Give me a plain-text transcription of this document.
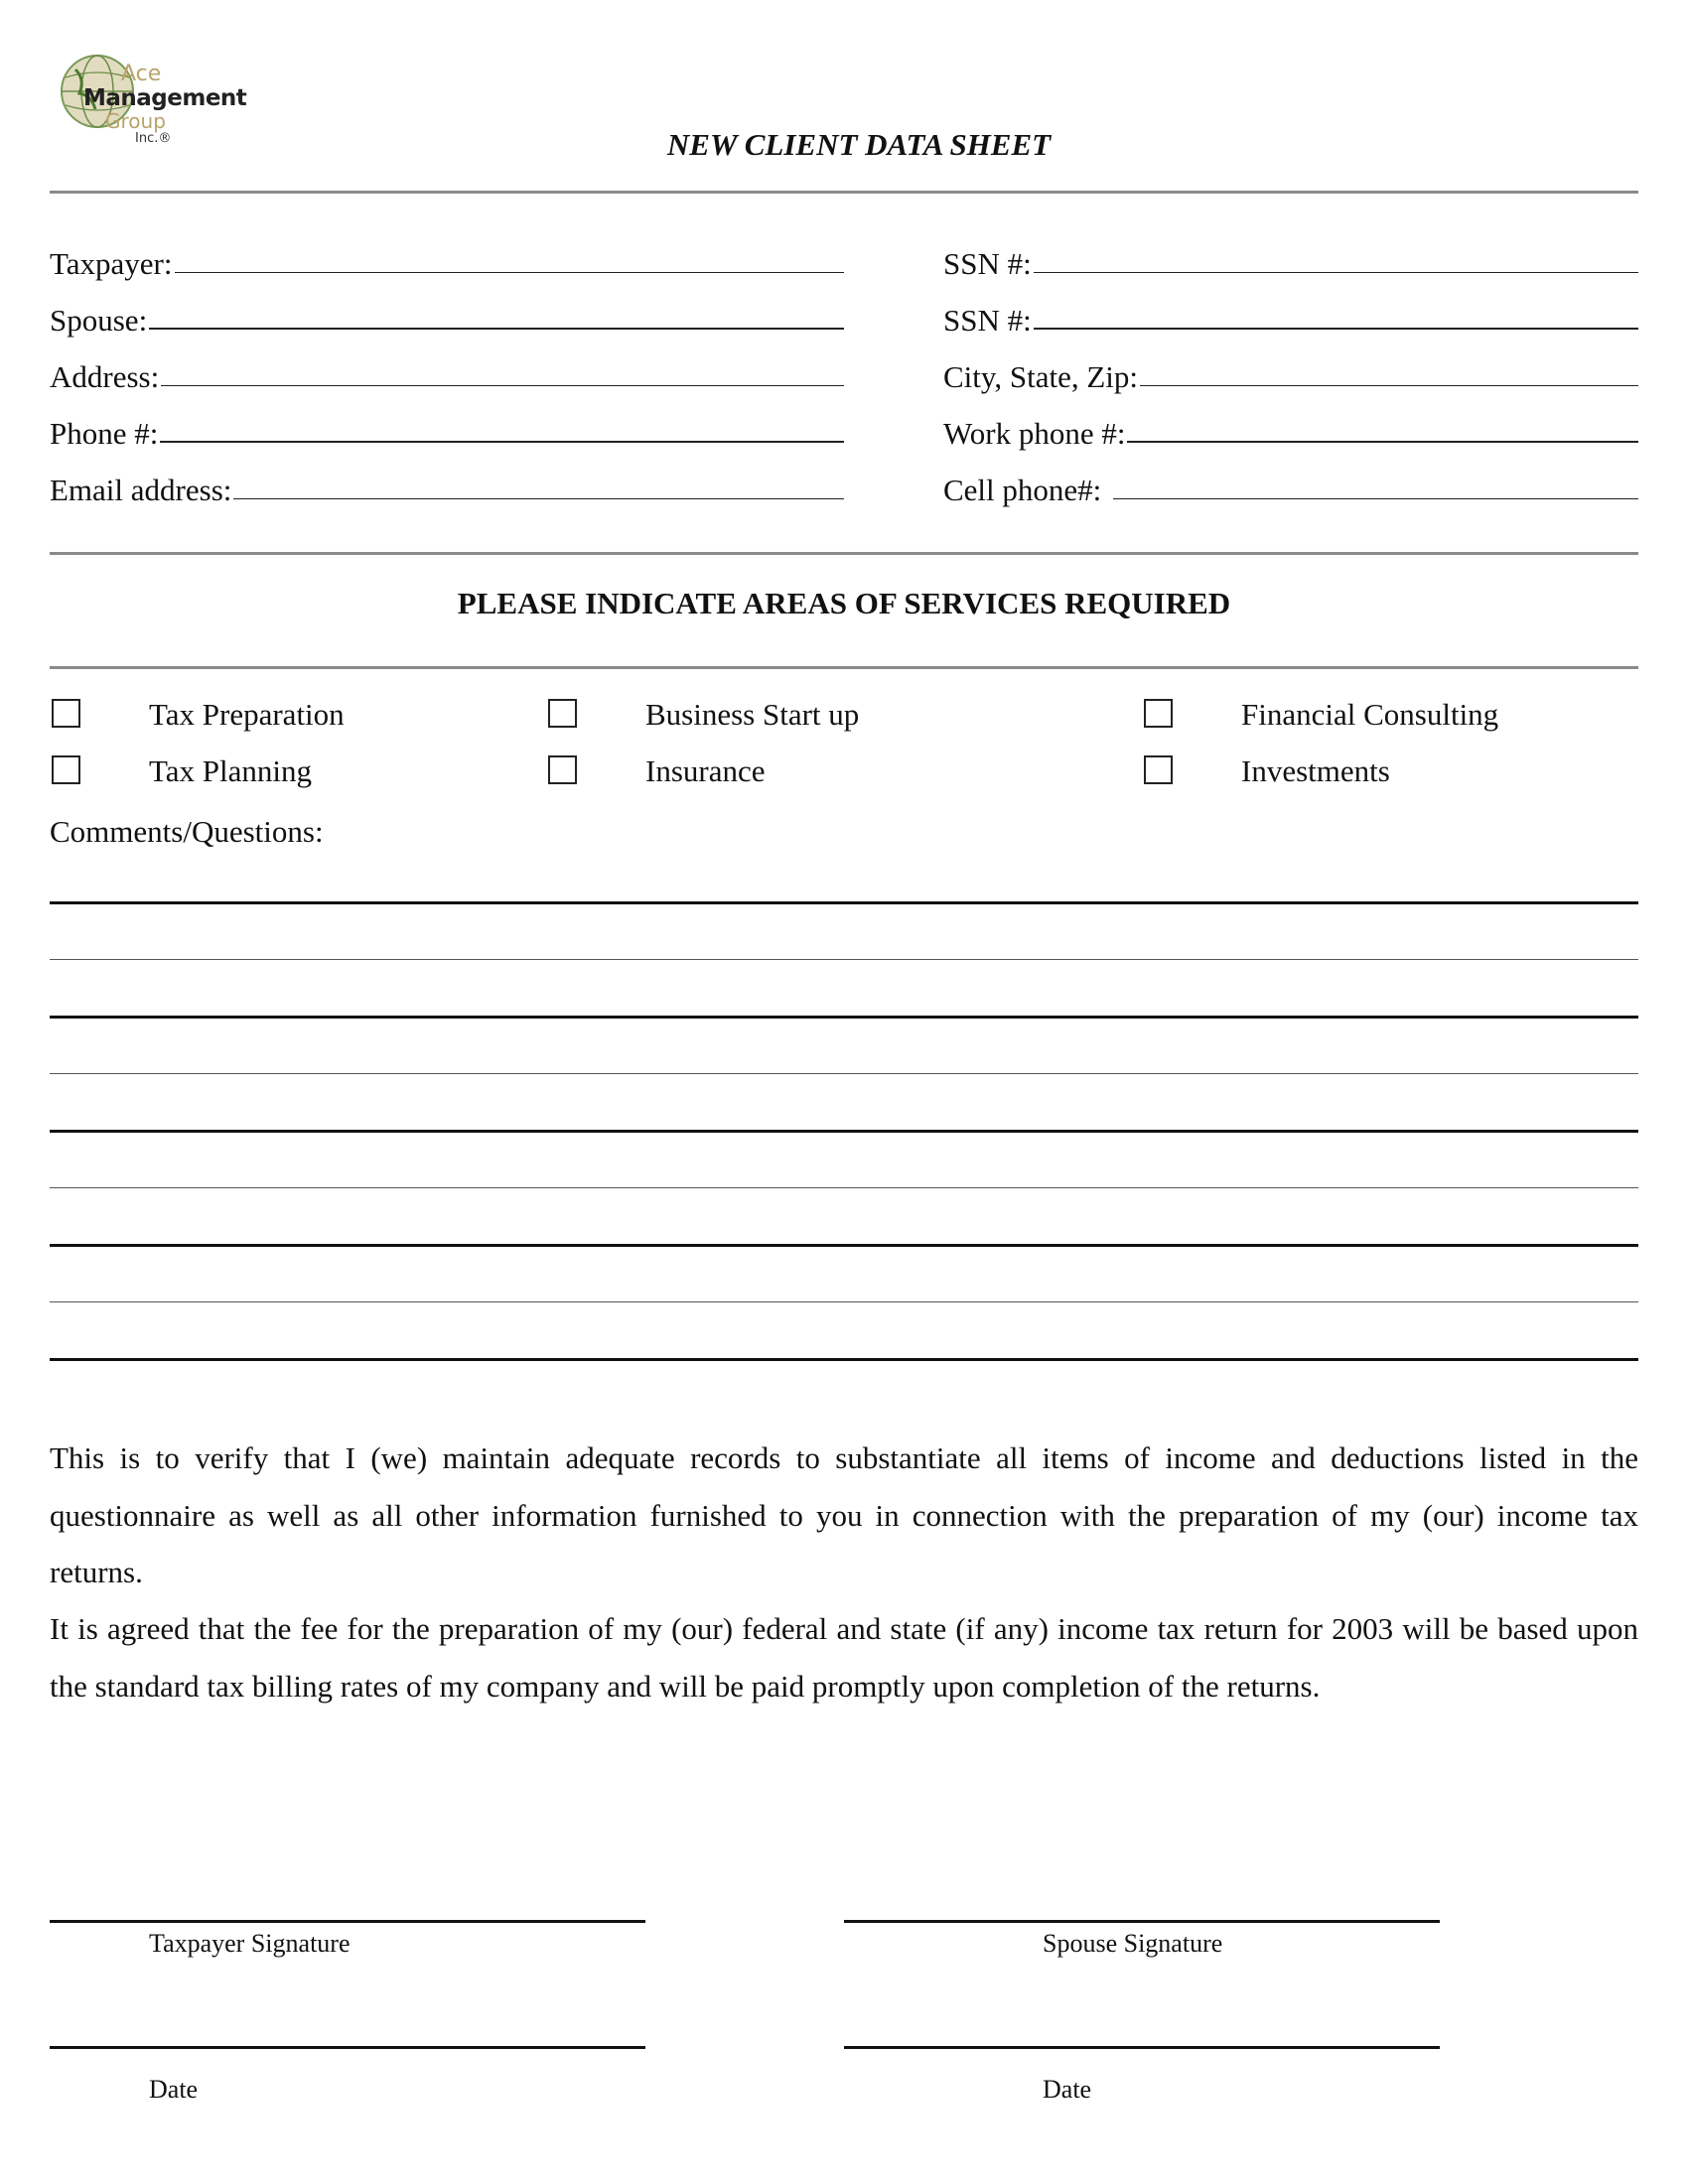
Ace
Management
Group
Inc.®	NEW CLIENT DATA SHEET
Taxpayer:	SSN #:
Spouse:	SSN #:
Address:	City, State, Zip:
Phone #:	Work phone #:
Email address:	Cell phone#:
PLEASE INDICATE AREAS OF SERVICES REQUIRED
Tax Preparation	Business Start up	Financial Consulting
Tax Planning	Insurance	Investments
Comments/Questions:
This is to verify that I (we) maintain adequate records to substantiate all items of income and deductions listed in the questionnaire as well as all other information furnished to you in connection with the preparation of my (our) income tax returns.
It is agreed that the fee for the preparation of my (our) federal and state (if any) income tax return for 2003 will be based upon the standard tax billing rates of my company and will be paid promptly upon completion of the returns.
Taxpayer Signature	Spouse Signature
Date	Date
